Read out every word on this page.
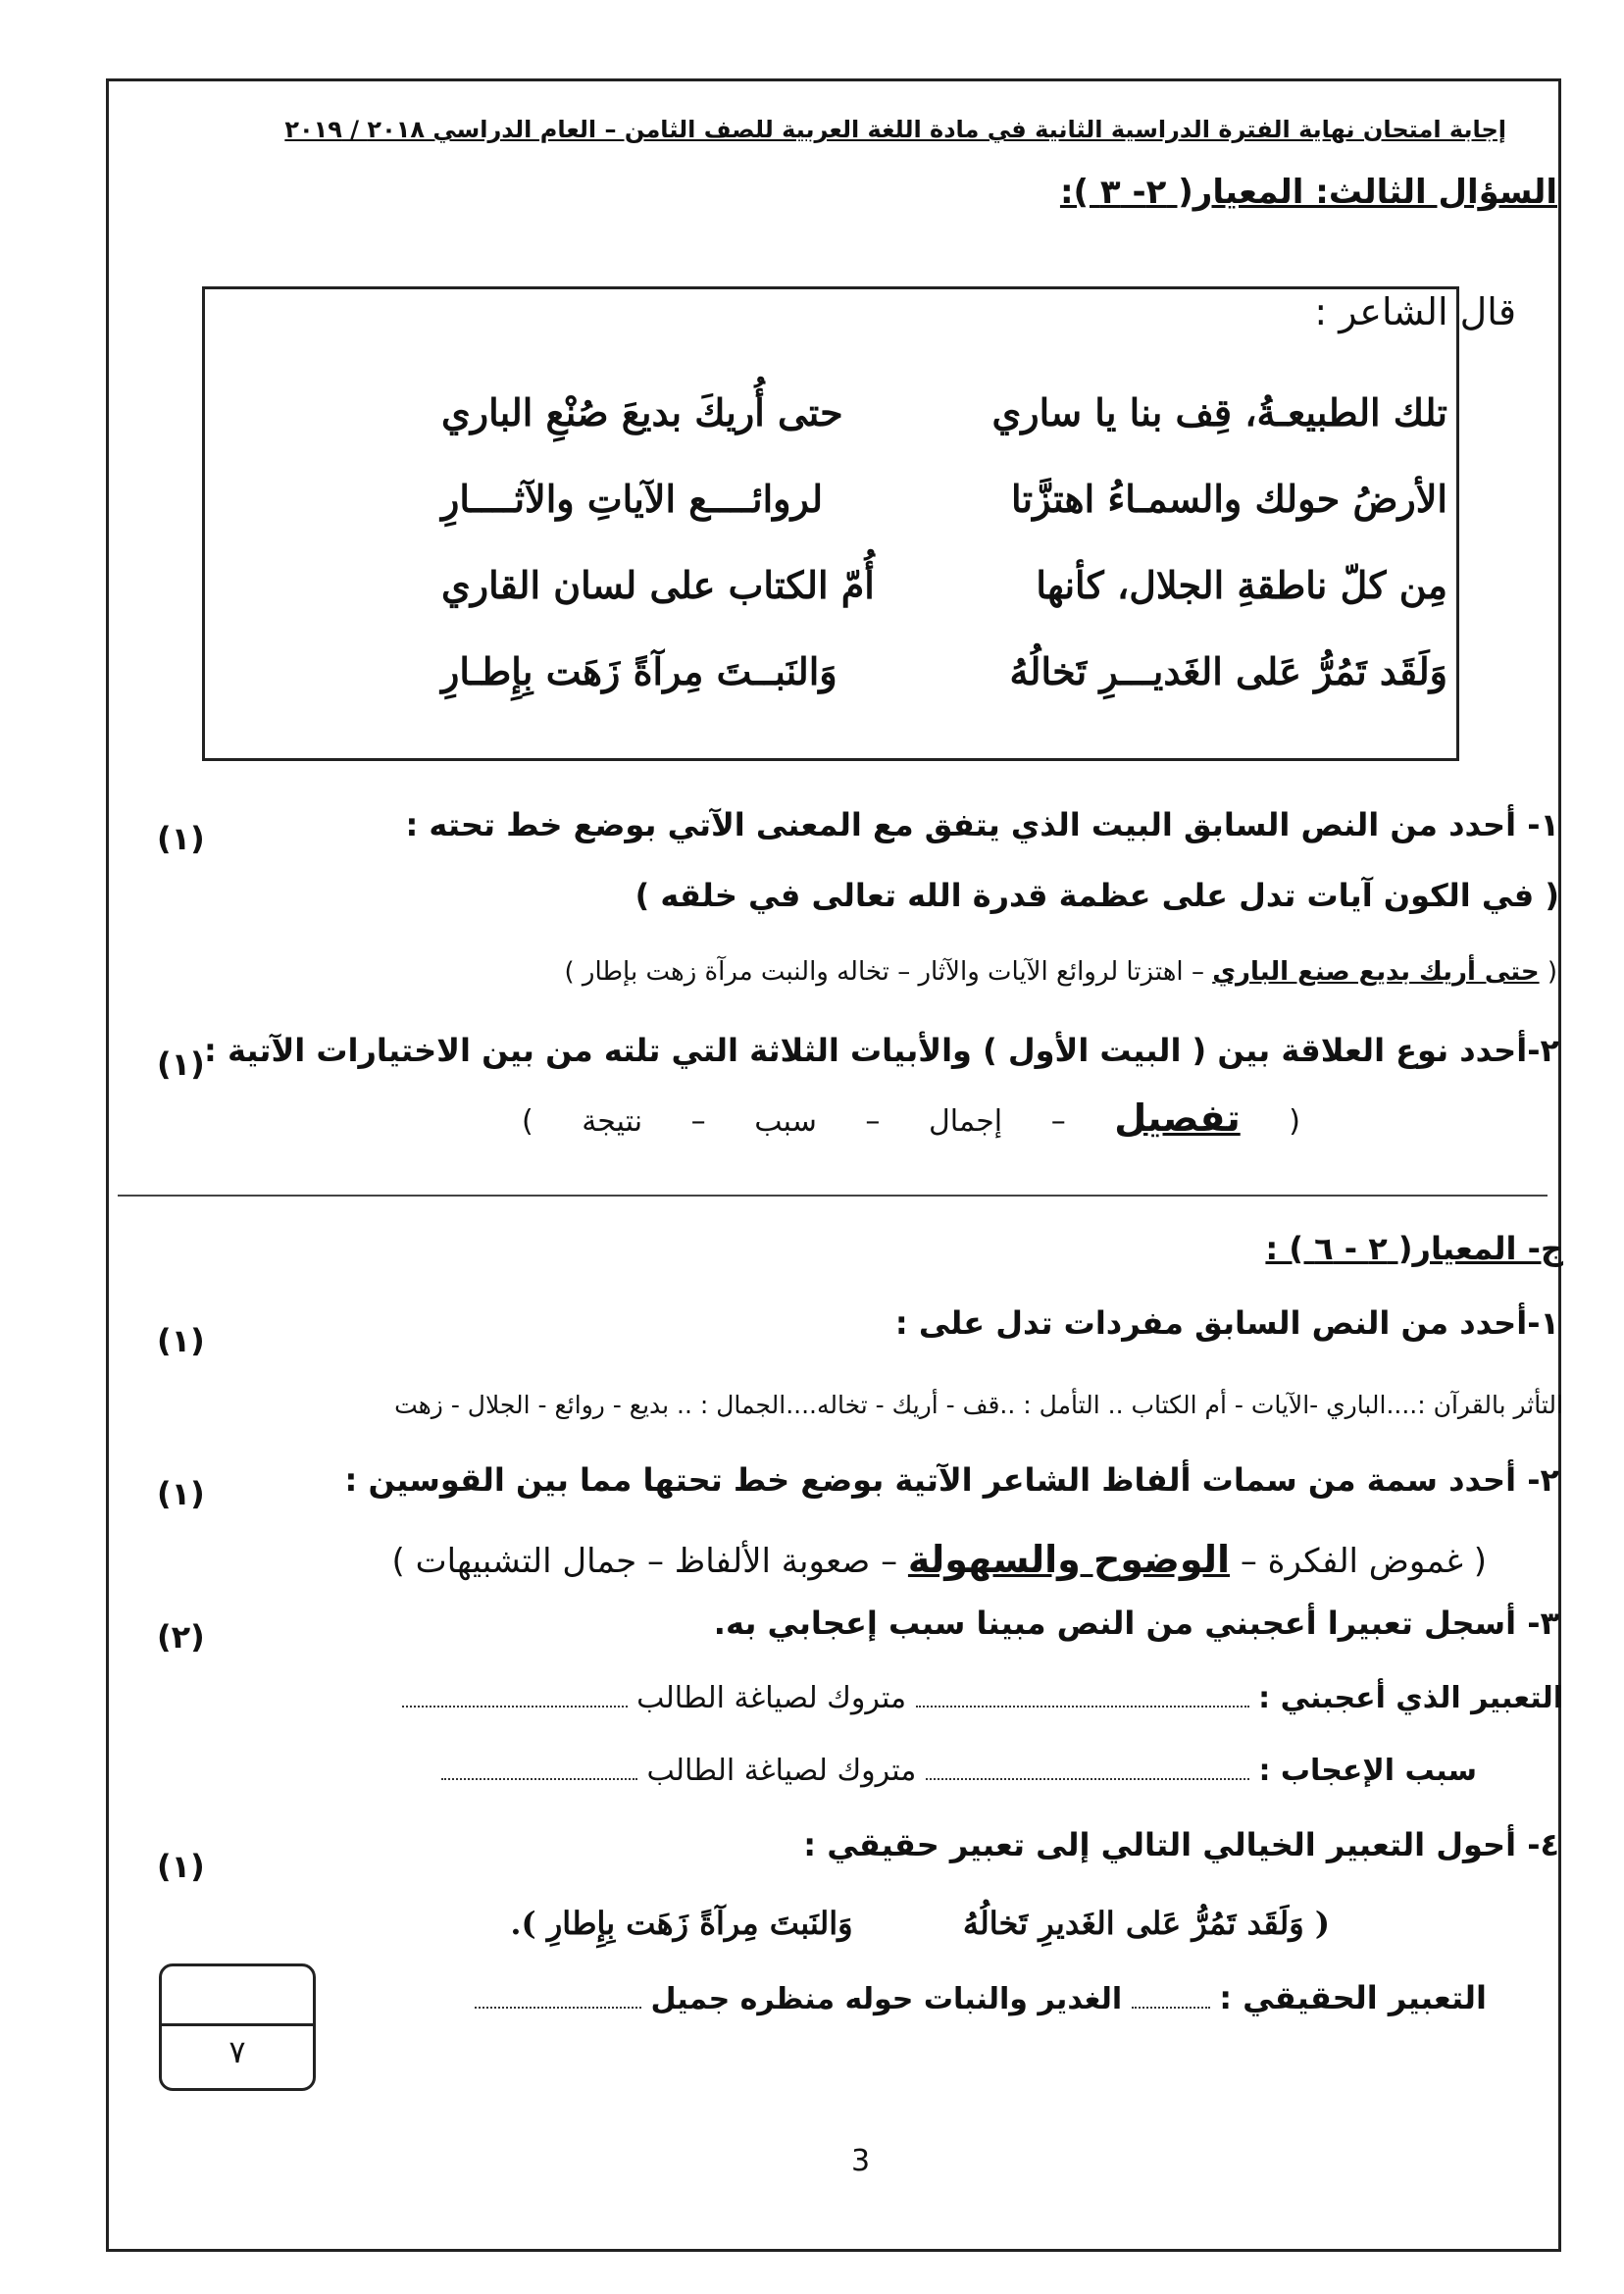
إجابة امتحان نهاية الفترة الدراسية الثانية في مادة اللغة العربية للصف الثامن – العام الدراسي ٢٠١٨ / ٢٠١٩
السؤال الثالث: المعيار( ٢- ٣ ):
قال الشاعر :
تلك الطبيعـةُ، قِف بنا يا ساري
حتى أُريكَ بديعَ صُنْعِ الباري
الأرضُ حولك والسمـاءُ اهتزَّتا
لروائــــع الآياتِ والآثــــارِ
مِن كلّ ناطقةِ الجلال، كأنها
أُمّ الكتاب على لسان القاري
وَلَقَد تَمُرُّ عَلى الغَديـــرِ تَخالُهُ
وَالنَبــتَ مِرآةً زَهَت بِإِطـارِ
١- أحدد من النص السابق البيت الذي يتفق مع المعنى الآتي بوضع خط تحته :
(١)
( في الكون آيات تدل على عظمة قدرة الله تعالى في خلقه )
( حتى أريك بديع صنع الباري – اهتزتا لروائع الآيات والآثار – تخاله والنبت مرآة زهت بإطار )
٢-أحدد نوع العلاقة بين ( البيت الأول ) والأبيات الثلاثة التي تلته من بين الاختيارات الآتية :
(١)
( تفصيل – إجمال – سبب – نتيجة )
ج- المعيار( ٢ - ٦ ) :
١-أحدد من النص السابق مفردات تدل على :
(١)
التأثر بالقرآن :....الباري -الآيات - أم الكتاب .. التأمل : ..قف - أريك - تخاله....الجمال : .. بديع - روائع - الجلال - زهت
٢- أحدد سمة من سمات ألفاظ الشاعر الآتية بوضع خط تحتها مما بين القوسين :
(١)
( غموض الفكرة – الوضوح والسهولة – صعوبة الألفاظ – جمال التشبيهات )
٣- أسجل تعبيرا أعجبني من النص مبينا سبب إعجابي به.
(٢)
التعبير الذي أعجبني :  متروك لصياغة الطالب
سبب الإعجاب :  متروك لصياغة الطالب
٤- أحول التعبير الخيالي التالي إلى تعبير حقيقي :
(١)
( وَلَقَد تَمُرُّ عَلى الغَديرِ تَخالُهُ  وَالنَبتَ مِرآةً زَهَت بِإِطارِ ).
التعبير الحقيقي :  الغدير والنبات حوله منظره جميل
٧
3
